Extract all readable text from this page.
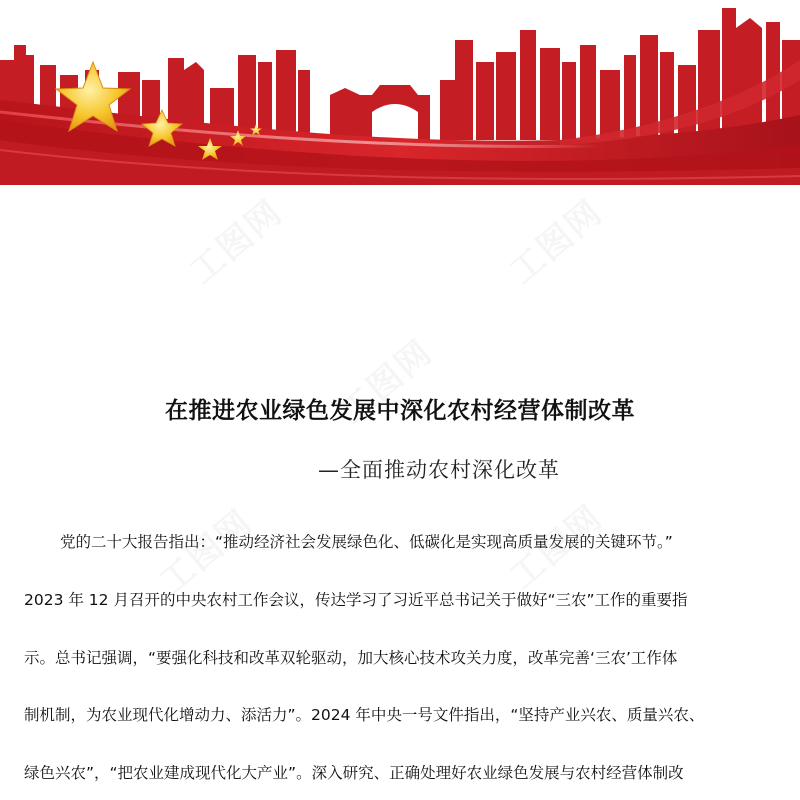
在推进农业绿色发展中深化农村经营体制改革
—全面推动农村深化改革
党的二十大报告指出：“推动经济社会发展绿色化、低碳化是实现高质量发展的关键环节。”
2023 年 12 月召开的中央农村工作会议，传达学习了习近平总书记关于做好“三农”工作的重要指
示。总书记强调，“要强化科技和改革双轮驱动，加大核心技术攻关力度，改革完善‘三农’工作体
制机制，为农业现代化增动力、添活力”。2024 年中央一号文件指出，“坚持产业兴农、质量兴农、
绿色兴农”，“把农业建成现代化大产业”。深入研究、正确处理好农业绿色发展与农村经营体制改
